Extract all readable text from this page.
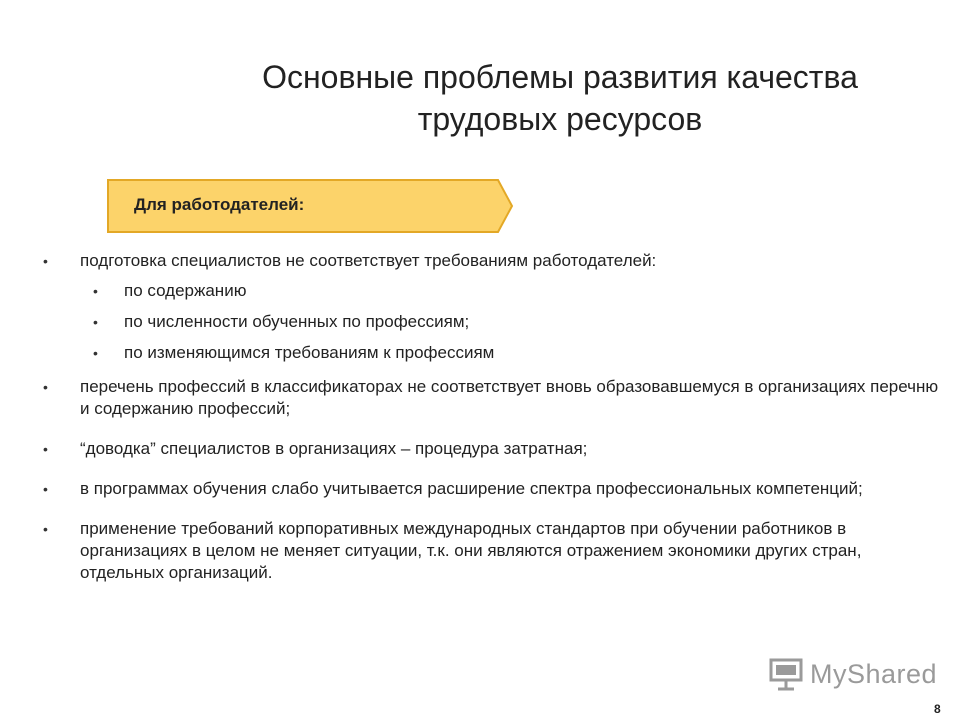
Основные проблемы развития качества
трудовых ресурсов
Для работодателей:
• подготовка специалистов не соответствует требованиям работодателей:
• по содержанию
• по численности обученных по профессиям;
• по изменяющимся требованиям к профессиям
• перечень профессий в классификаторах не соответствует вновь образовавшемуся в организациях перечню и содержанию профессий;
• “доводка” специалистов в организациях – процедура затратная;
• в программах обучения слабо учитывается расширение спектра профессиональных компетенций;
• применение требований корпоративных международных стандартов при обучении работников в организациях в целом не меняет ситуации, т.к. они являются отражением экономики других стран, отдельных организаций.
MyShared
8
